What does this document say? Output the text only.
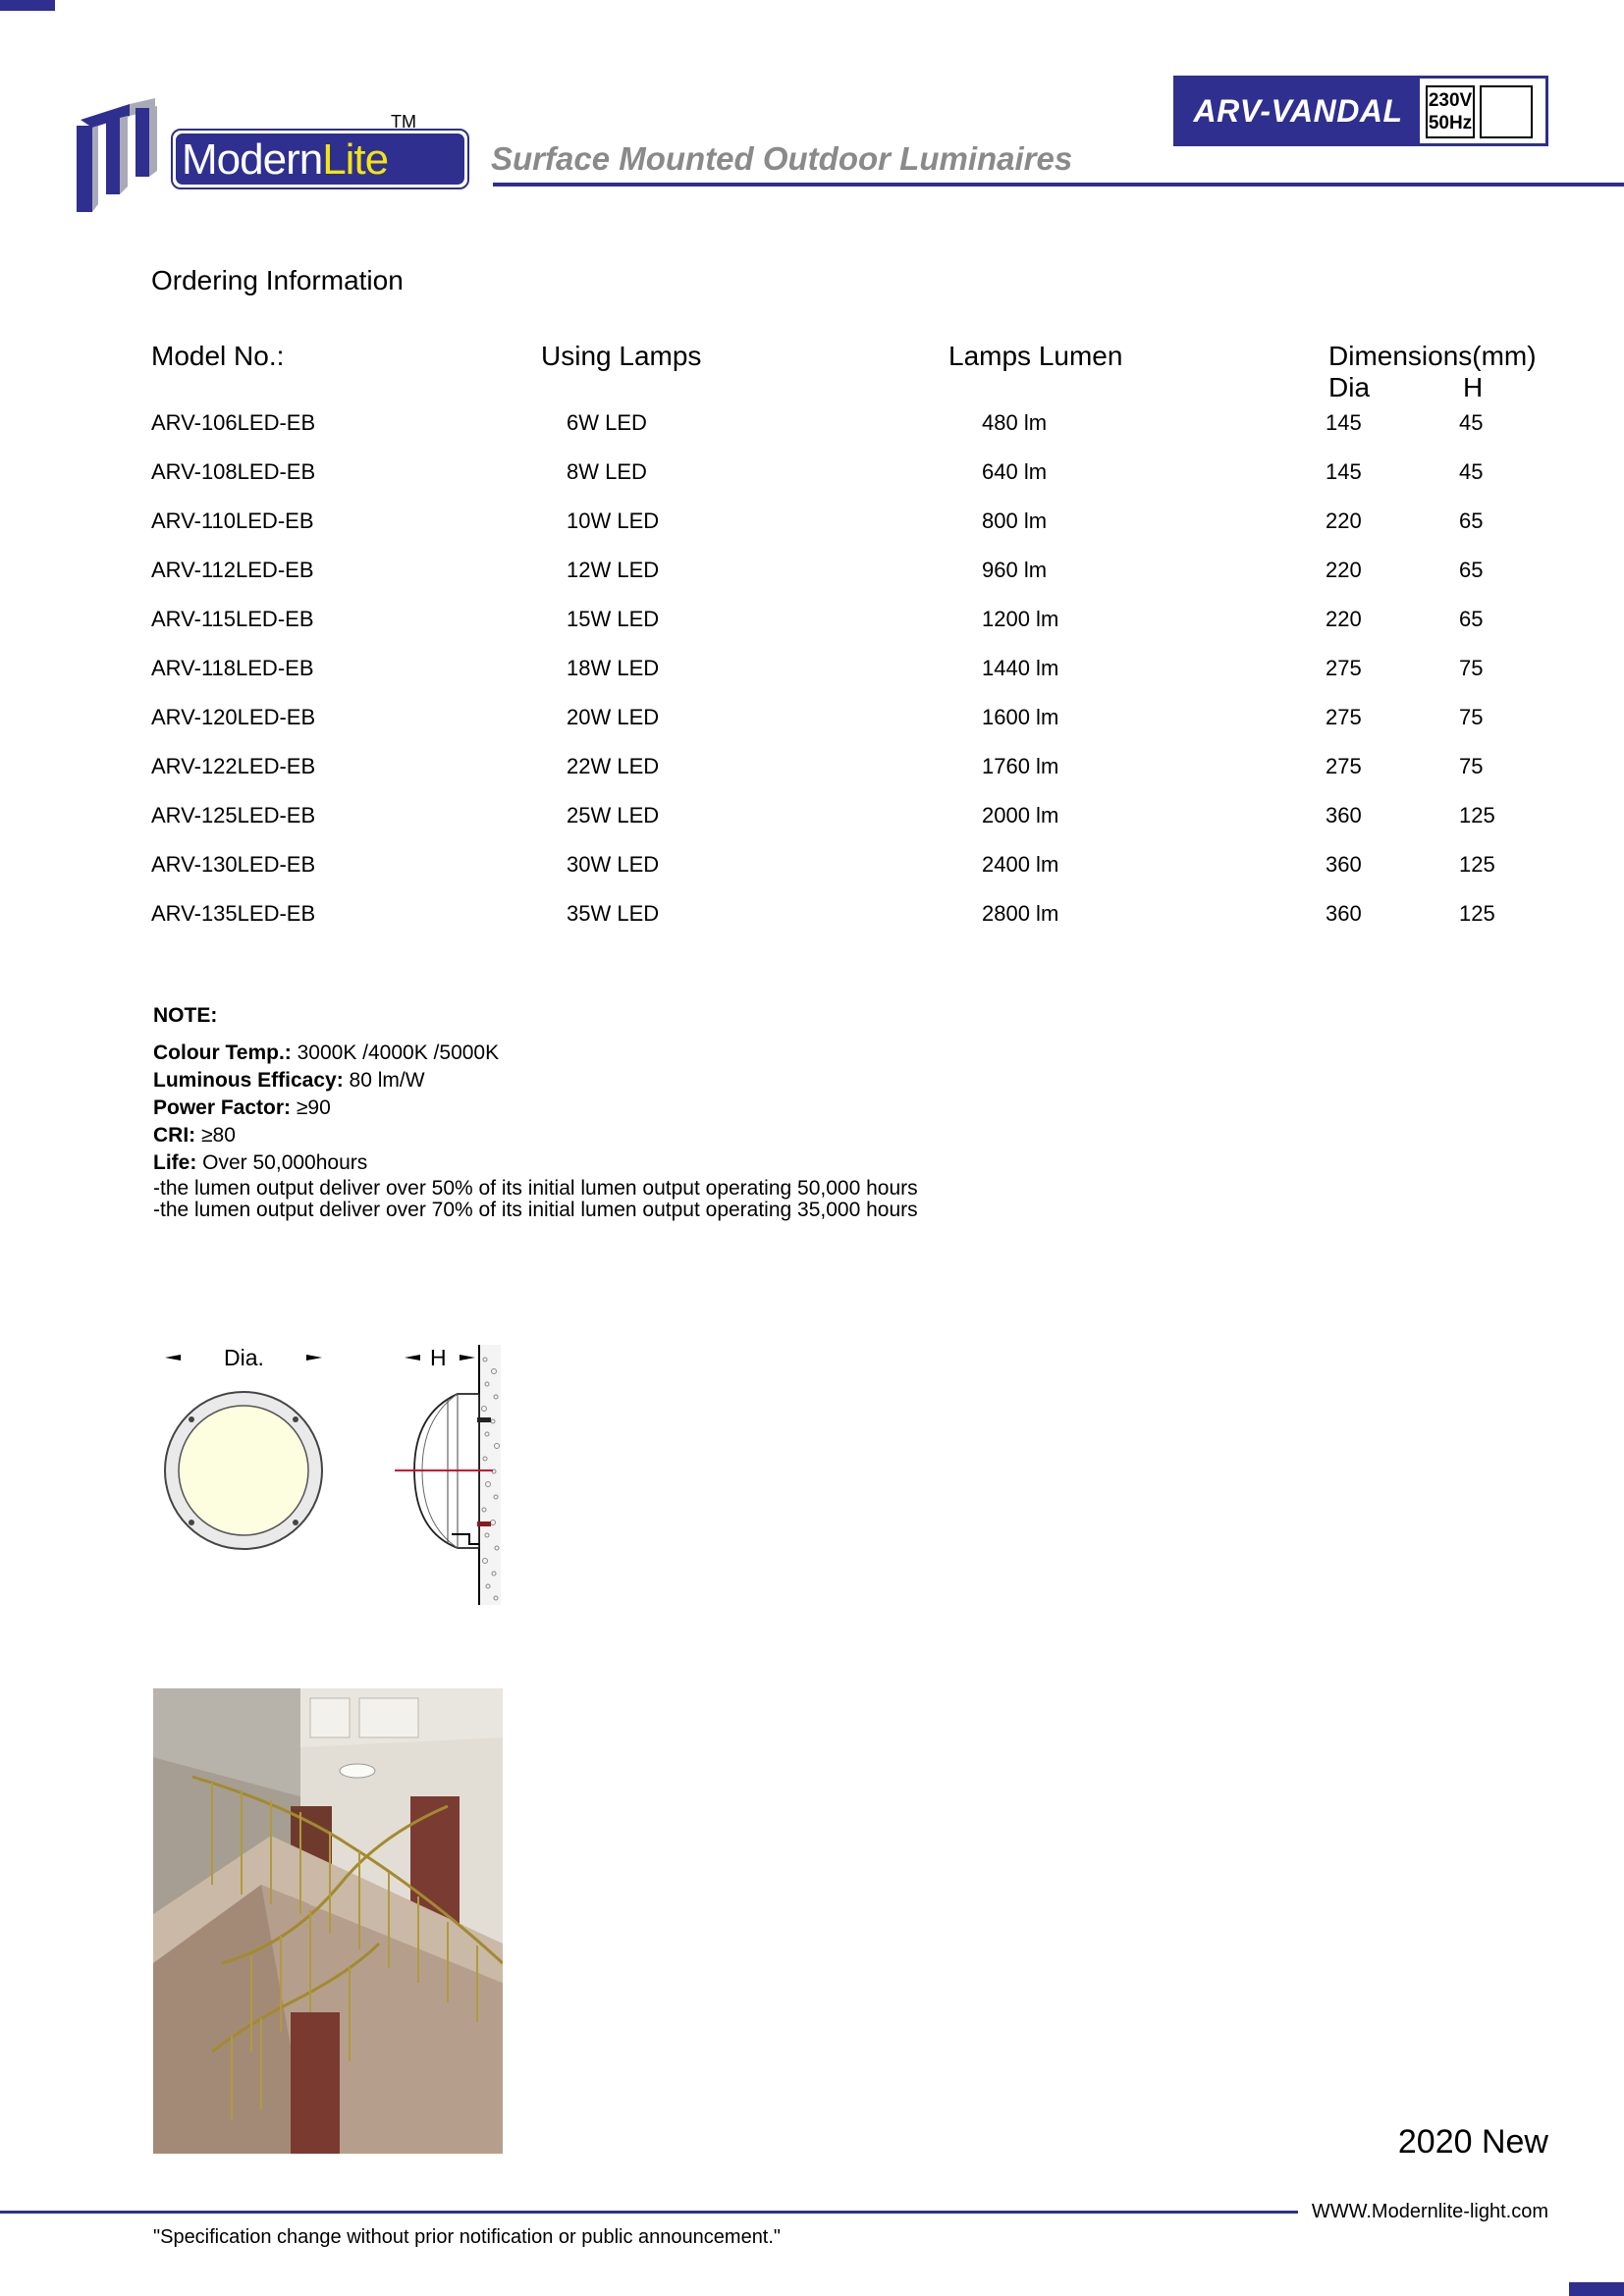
ModernLite
TM	ARV-VANDAL	230V
50Hz
Surface Mounted Outdoor Luminaires
Ordering Information
Model No.:	Using Lamps	Lamps Lumen	Dimensions(mm)
Dia	H
ARV-106LED-EB	6W LED	480 lm	145	45
ARV-108LED-EB	8W LED	640 lm	145	45
ARV-110LED-EB	10W LED	800 lm	220	65
ARV-112LED-EB	12W LED	960 lm	220	65
ARV-115LED-EB	15W LED	1200 lm	220	65
ARV-118LED-EB	18W LED	1440 lm	275	75
ARV-120LED-EB	20W LED	1600 lm	275	75
ARV-122LED-EB	22W LED	1760 lm	275	75
ARV-125LED-EB	25W LED	2000 lm	360	125
ARV-130LED-EB	30W LED	2400 lm	360	125
ARV-135LED-EB	35W LED	2800 lm	360	125
NOTE:
Colour Temp.: 3000K /4000K /5000K
Luminous Efficacy: 80 lm/W
Power Factor: ≥90
CRI: ≥80
Life: Over 50,000hours
-the lumen output deliver over 50% of its initial lumen output operating 50,000 hours
-the lumen output deliver over 70% of its initial lumen output operating 35,000 hours
Dia.	H
2020 New
WWW.Modernlite-light.com
"Specification change without prior notification or public announcement."
